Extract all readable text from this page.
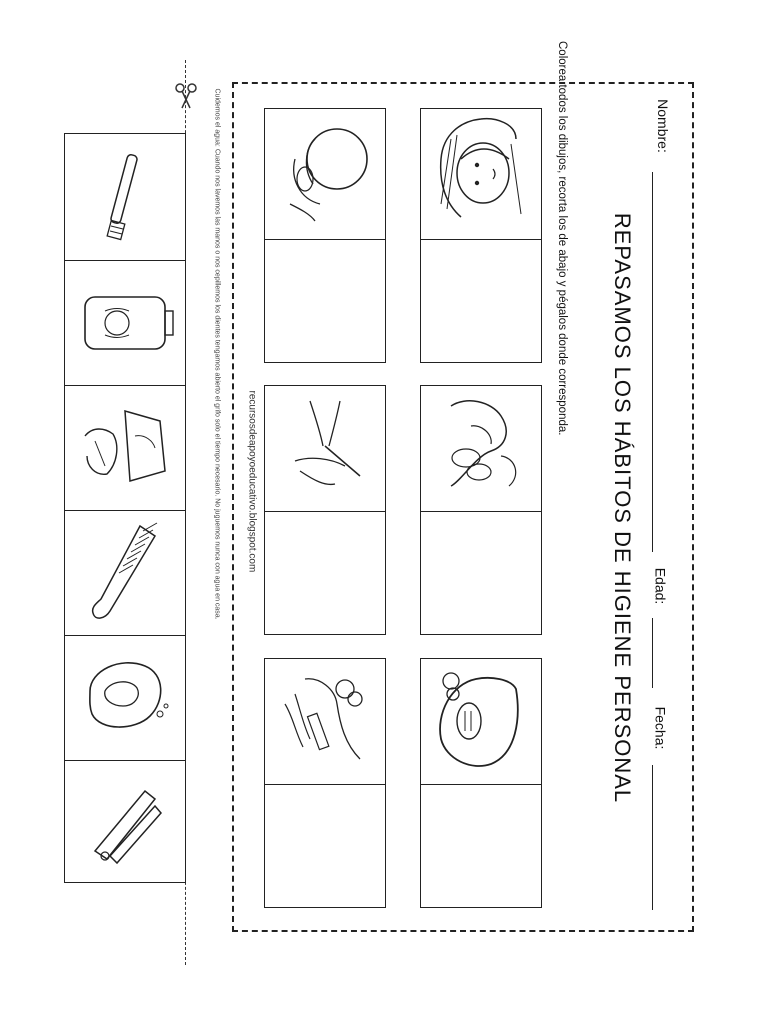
Nombre:
Edad:
Fecha:
REPASAMOS LOS HÁBITOS DE HIGIENE PERSONAL
Colorea todos los dibujos, recorta los de abajo y pégalos donde corresponda.
recursosdeapoyoeducativo.blogspot.com
Cuidemos el agua: Cuando nos lavemos las manos o nos cepillemos los dientes tengamos abierto el grifo solo el tiempo necesario. No juguemos nunca con agua en casa.
